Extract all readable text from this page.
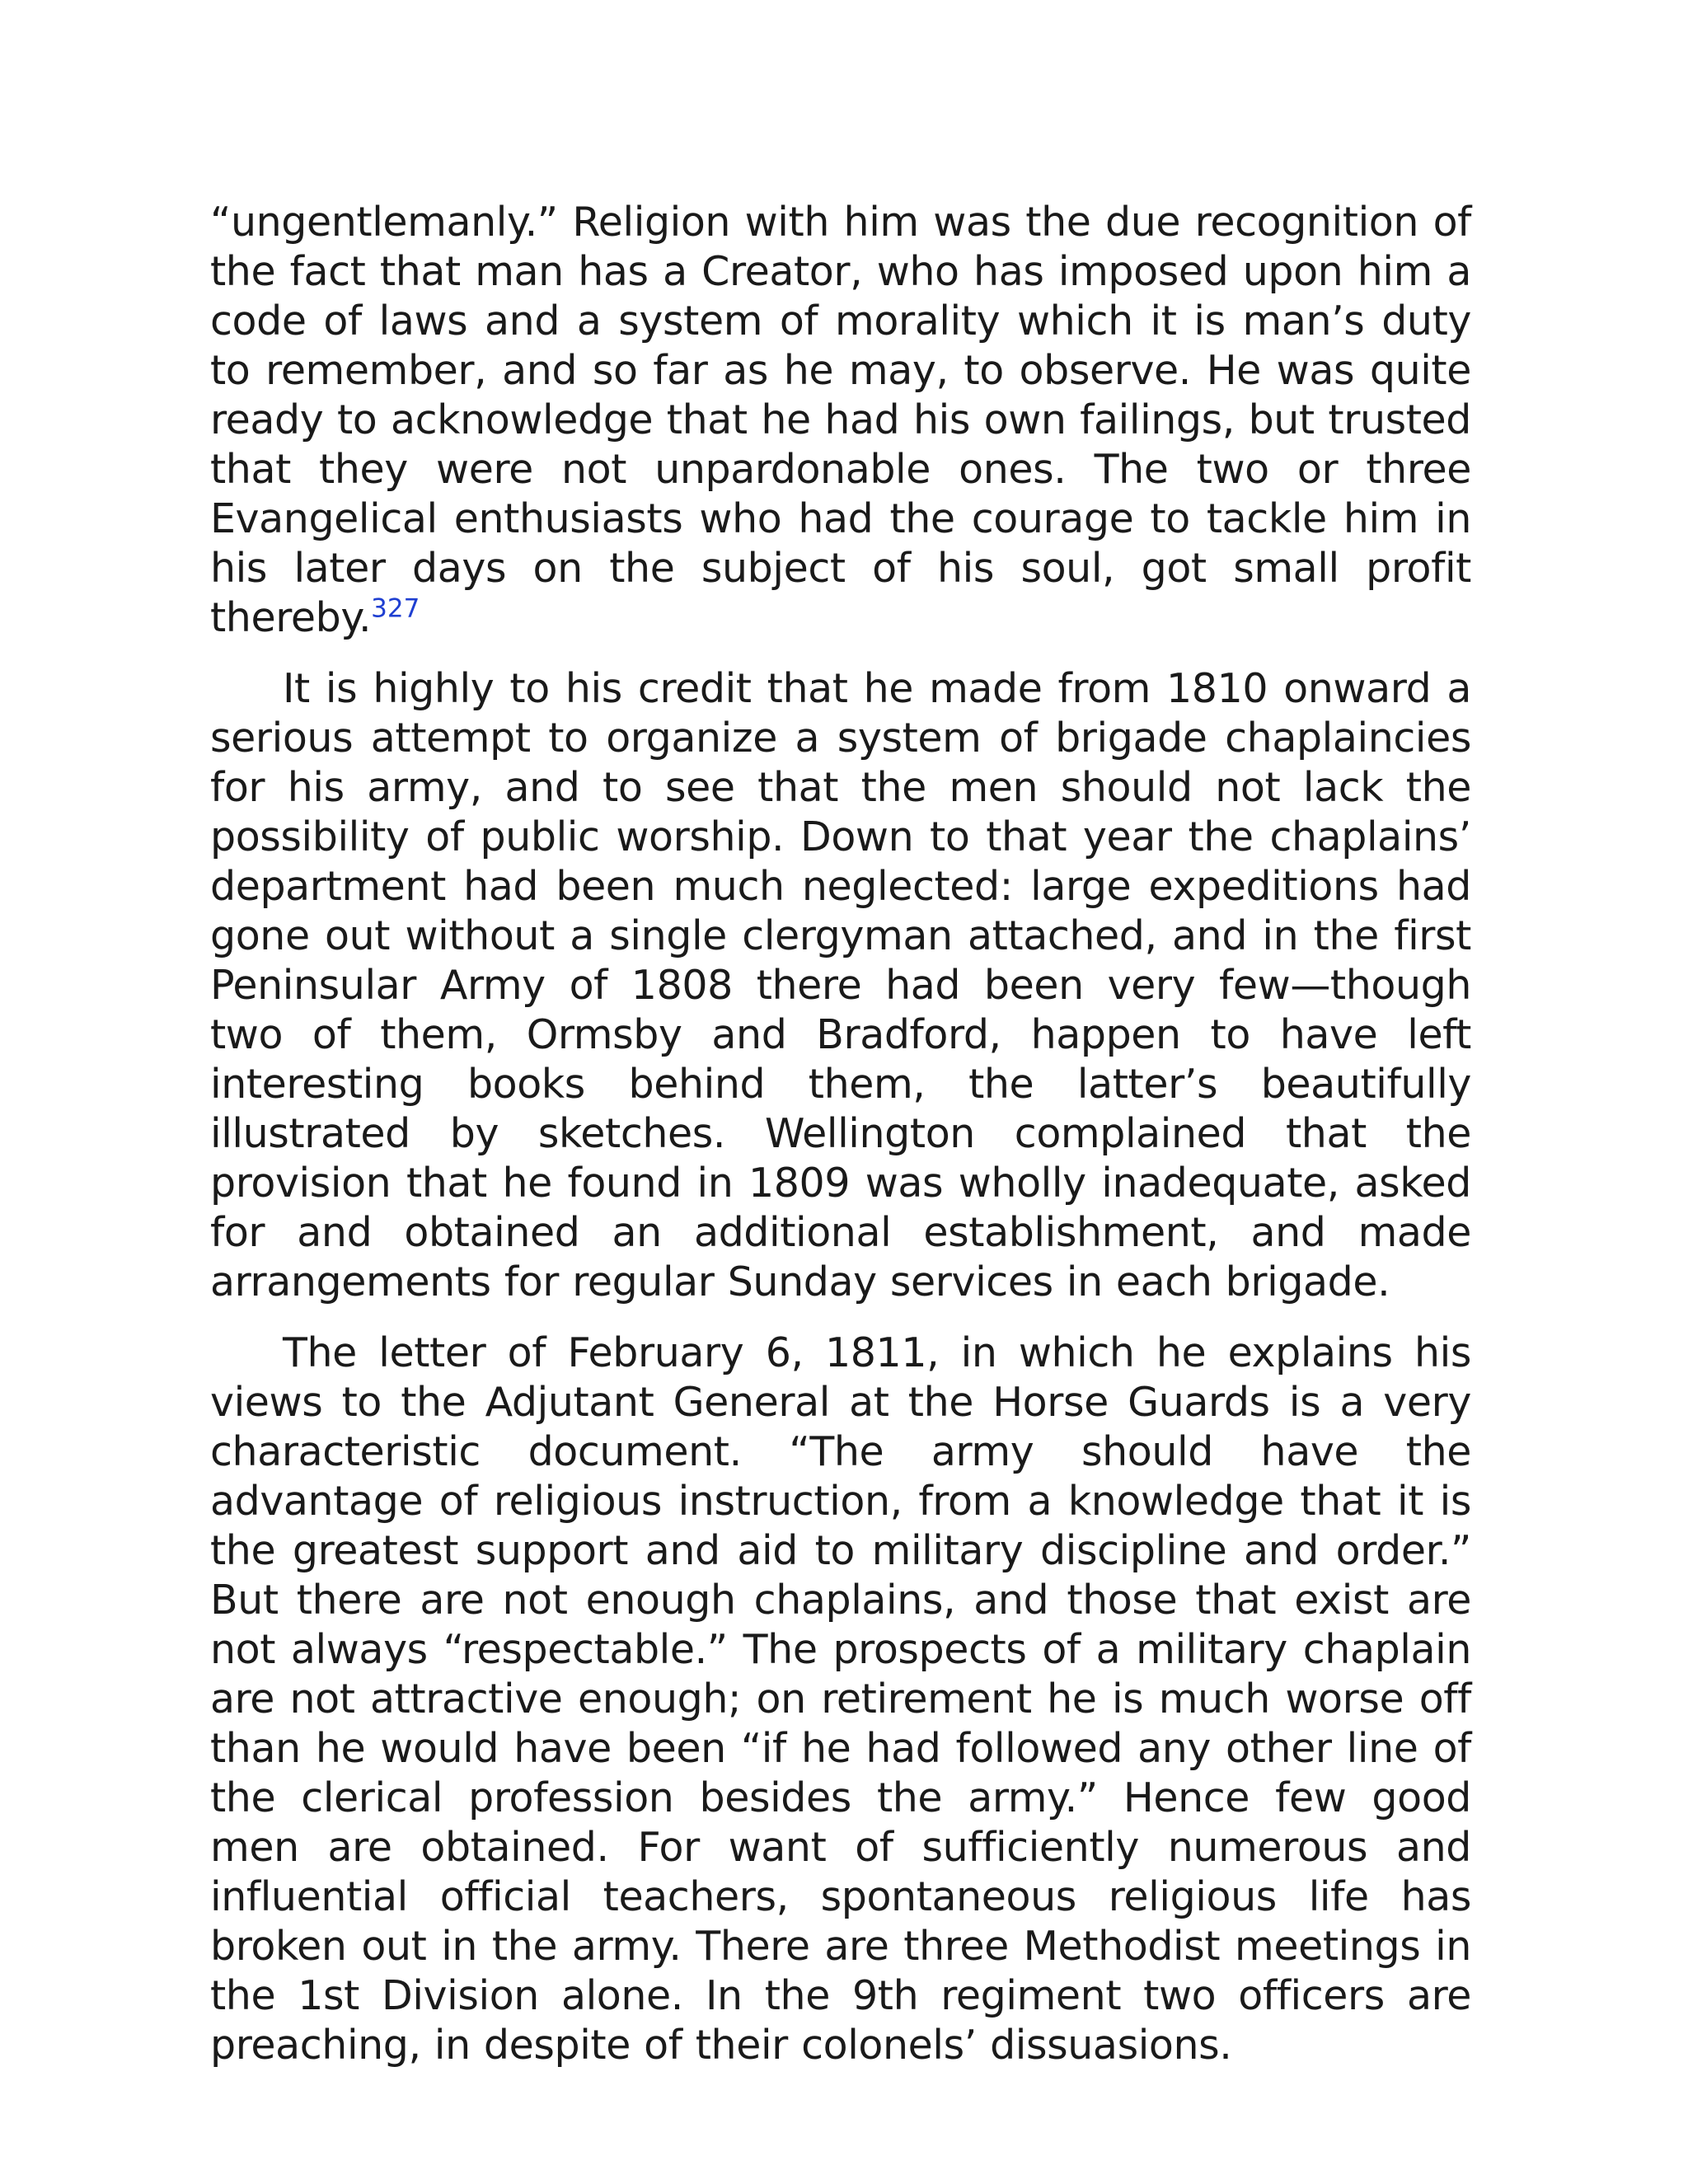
“ungentlemanly.” Religion with him was the due recognition of the fact that man has a Creator, who has imposed upon him a code of laws and a system of morality which it is man’s duty to remember, and so far as he may, to observe. He was quite ready to acknowledge that he had his own failings, but trusted that they were not unpardonable ones. The two or three Evangelical enthusiasts who had the courage to tackle him in his later days on the subject of his soul, got small profit thereby.$^{327}$

It is highly to his credit that he made from 1810 onward a serious attempt to organize a system of brigade chaplaincies for his army, and to see that the men should not lack the possibility of public worship. Down to that year the chaplains’ department had been much neglected: large expeditions had gone out without a single clergyman attached, and in the first Peninsular Army of 1808 there had been very few—though two of them, Ormsby and Bradford, happen to have left interesting books behind them, the latter’s beautifully illustrated by sketches. Wellington complained that the provision that he found in 1809 was wholly inadequate, asked for and obtained an additional establishment, and made arrangements for regular Sunday services in each brigade.

The letter of February 6, 1811, in which he explains his views to the Adjutant General at the Horse Guards is a very characteristic document. “The army should have the advantage of religious instruction, from a knowledge that it is the greatest support and aid to military discipline and order.” But there are not enough chaplains, and those that exist are not always “respectable.” The prospects of a military chaplain are not attractive enough; on retirement he is much worse off than he would have been “if he had followed any other line of the clerical profession besides the army.” Hence few good men are obtained. For want of sufficiently numerous and influential official teachers, spontaneous religious life has broken out in the army. There are three Methodist meetings in the 1st Division alone. In the 9th regiment two officers are preaching, in despite of their colonels’ dissuasions.
